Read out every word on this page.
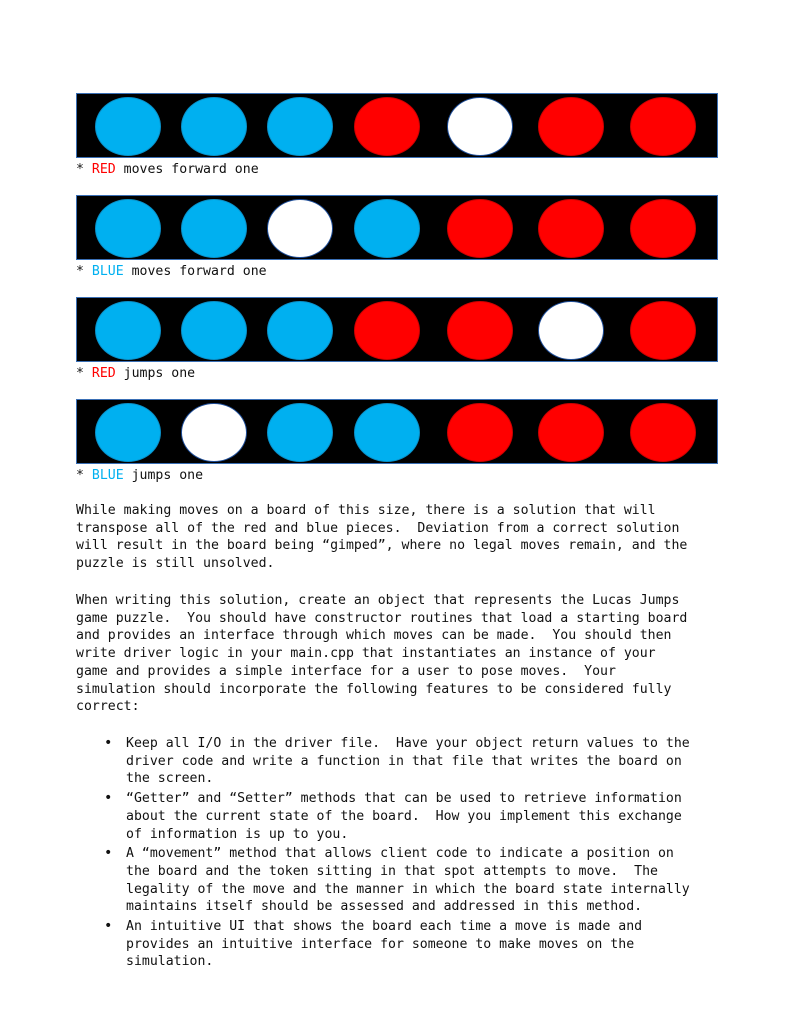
* RED moves forward one
* BLUE moves forward one
* RED jumps one
* BLUE jumps one

While making moves on a board of this size, there is a solution that will
transpose all of the red and blue pieces.  Deviation from a correct solution
will result in the board being “gimped”, where no legal moves remain, and the
puzzle is still unsolved.

When writing this solution, create an object that represents the Lucas Jumps
game puzzle.  You should have constructor routines that load a starting board
and provides an interface through which moves can be made.  You should then
write driver logic in your main.cpp that instantiates an instance of your
game and provides a simple interface for a user to pose moves.  Your
simulation should incorporate the following features to be considered fully
correct:

• Keep all I/O in the driver file.  Have your object return values to the
driver code and write a function in that file that writes the board on
the screen.
• “Getter” and “Setter” methods that can be used to retrieve information
about the current state of the board.  How you implement this exchange
of information is up to you.
• A “movement” method that allows client code to indicate a position on
the board and the token sitting in that spot attempts to move.  The
legality of the move and the manner in which the board state internally
maintains itself should be assessed and addressed in this method.
• An intuitive UI that shows the board each time a move is made and
provides an intuitive interface for someone to make moves on the
simulation.
